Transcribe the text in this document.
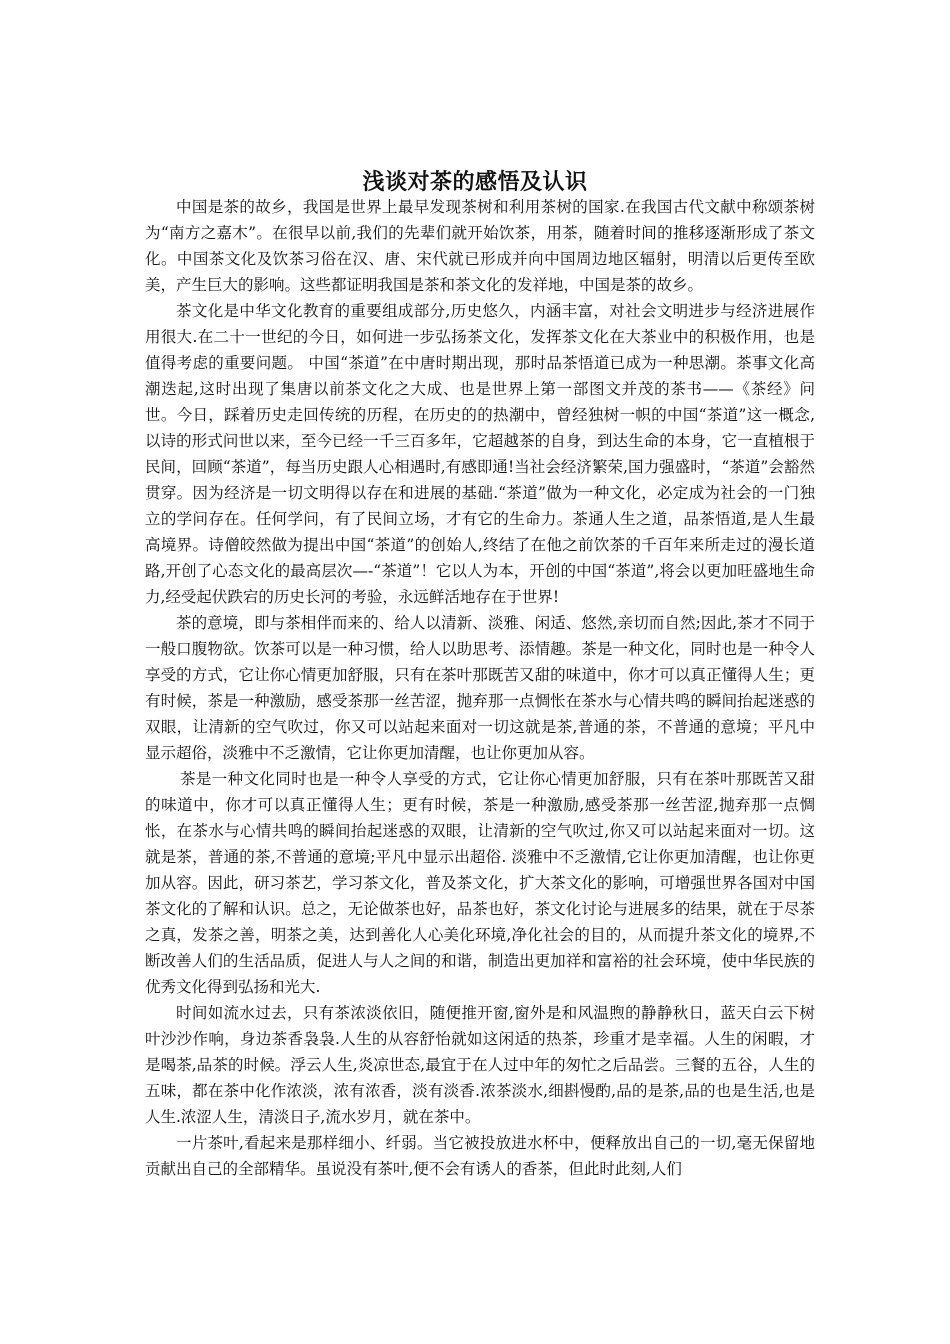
浅谈对茶的感悟及认识

中国是茶的故乡，我国是世界上最早发现茶树和利用茶树的国家.在我国古代文献中称颂茶树为“南方之嘉木”。在很早以前,我们的先辈们就开始饮茶，用茶，随着时间的推移逐渐形成了茶文化。中国茶文化及饮茶习俗在汉、唐、宋代就已形成并向中国周边地区辐射，明清以后更传至欧美，产生巨大的影响。这些都证明我国是茶和茶文化的发祥地，中国是茶的故乡。

茶文化是中华文化教育的重要组成部分,历史悠久，内涵丰富，对社会文明进步与经济进展作用很大.在二十一世纪的今日，如何进一步弘扬茶文化，发挥茶文化在大茶业中的积极作用，也是值得考虑的重要问题。 中国“茶道”在中唐时期出现，那时品茶悟道已成为一种思潮。茶事文化高潮迭起,这时出现了集唐以前茶文化之大成、也是世界上第一部图文并茂的茶书——《茶经》问世。今日，踩着历史走回传统的历程，在历史的的热潮中，曾经独树一帜的中国“茶道”这一概念,以诗的形式问世以来，至今已经一千三百多年，它超越茶的自身，到达生命的本身，它一直植根于民间，回顾“茶道”，每当历史跟人心相遇时,有感即通!当社会经济繁荣,国力强盛时，“茶道”会豁然贯穿。因为经济是一切文明得以存在和进展的基础.“茶道”做为一种文化，必定成为社会的一门独立的学问存在。任何学问，有了民间立场，才有它的生命力。茶通人生之道，品茶悟道,是人生最高境界。诗僧皎然做为提出中国“茶道”的创始人,终结了在他之前饮茶的千百年来所走过的漫长道路,开创了心态文化的最高层次—-“茶道”！它以人为本，开创的中国“茶道”,将会以更加旺盛地生命力,经受起伏跌宕的历史长河的考验，永远鲜活地存在于世界!

茶的意境，即与茶相伴而来的、给人以清新、淡雅、闲适、悠然,亲切而自然;因此,茶才不同于一般口腹物欲。饮茶可以是一种习惯，给人以助思考、添情趣。茶是一种文化，同时也是一种令人享受的方式，它让你心情更加舒服，只有在茶叶那既苦又甜的味道中，你才可以真正懂得人生；更有时候，茶是一种激励，感受茶那一丝苦涩，抛弃那一点惆怅在茶水与心情共鸣的瞬间抬起迷惑的双眼，让清新的空气吹过，你又可以站起来面对一切这就是茶,普通的茶，不普通的意境；平凡中显示超俗，淡雅中不乏激情，它让你更加清醒，也让你更加从容。

茶是一种文化同时也是一种令人享受的方式，它让你心情更加舒服，只有在茶叶那既苦又甜的味道中，你才可以真正懂得人生；更有时候，茶是一种激励,感受茶那一丝苦涩,抛弃那一点惆怅，在茶水与心情共鸣的瞬间抬起迷惑的双眼，让清新的空气吹过,你又可以站起来面对一切。这就是茶，普通的茶,不普通的意境;平凡中显示出超俗. 淡雅中不乏激情,它让你更加清醒，也让你更加从容。因此，研习茶艺，学习茶文化，普及茶文化，扩大茶文化的影响，可增强世界各国对中国茶文化的了解和认识。总之，无论做茶也好，品茶也好，茶文化讨论与进展多的结果，就在于尽茶之真，发茶之善，明茶之美，达到善化人心美化环境,净化社会的目的，从而提升茶文化的境界,不断改善人们的生活品质，促进人与人之间的和谐，制造出更加祥和富裕的社会环境，使中华民族的优秀文化得到弘扬和光大.

时间如流水过去，只有茶浓淡依旧，随便推开窗,窗外是和风温煦的静静秋日，蓝天白云下树叶沙沙作响，身边茶香袅袅.人生的从容舒怡就如这闲适的热茶，珍重才是幸福。人生的闲暇，才是喝茶,品茶的时候。浮云人生,炎凉世态,最宜于在人过中年的匆忙之后品尝。三餐的五谷，人生的五味，都在茶中化作浓淡，浓有浓香，淡有淡香.浓茶淡水,细斟慢酌,品的是茶,品的也是生活,也是人生.浓涩人生，清淡日子,流水岁月，就在茶中。

一片茶叶,看起来是那样细小、纤弱。当它被投放进水杯中，便释放出自己的一切,毫无保留地贡献出自己的全部精华。虽说没有茶叶,便不会有诱人的香茶，但此时此刻,人们
